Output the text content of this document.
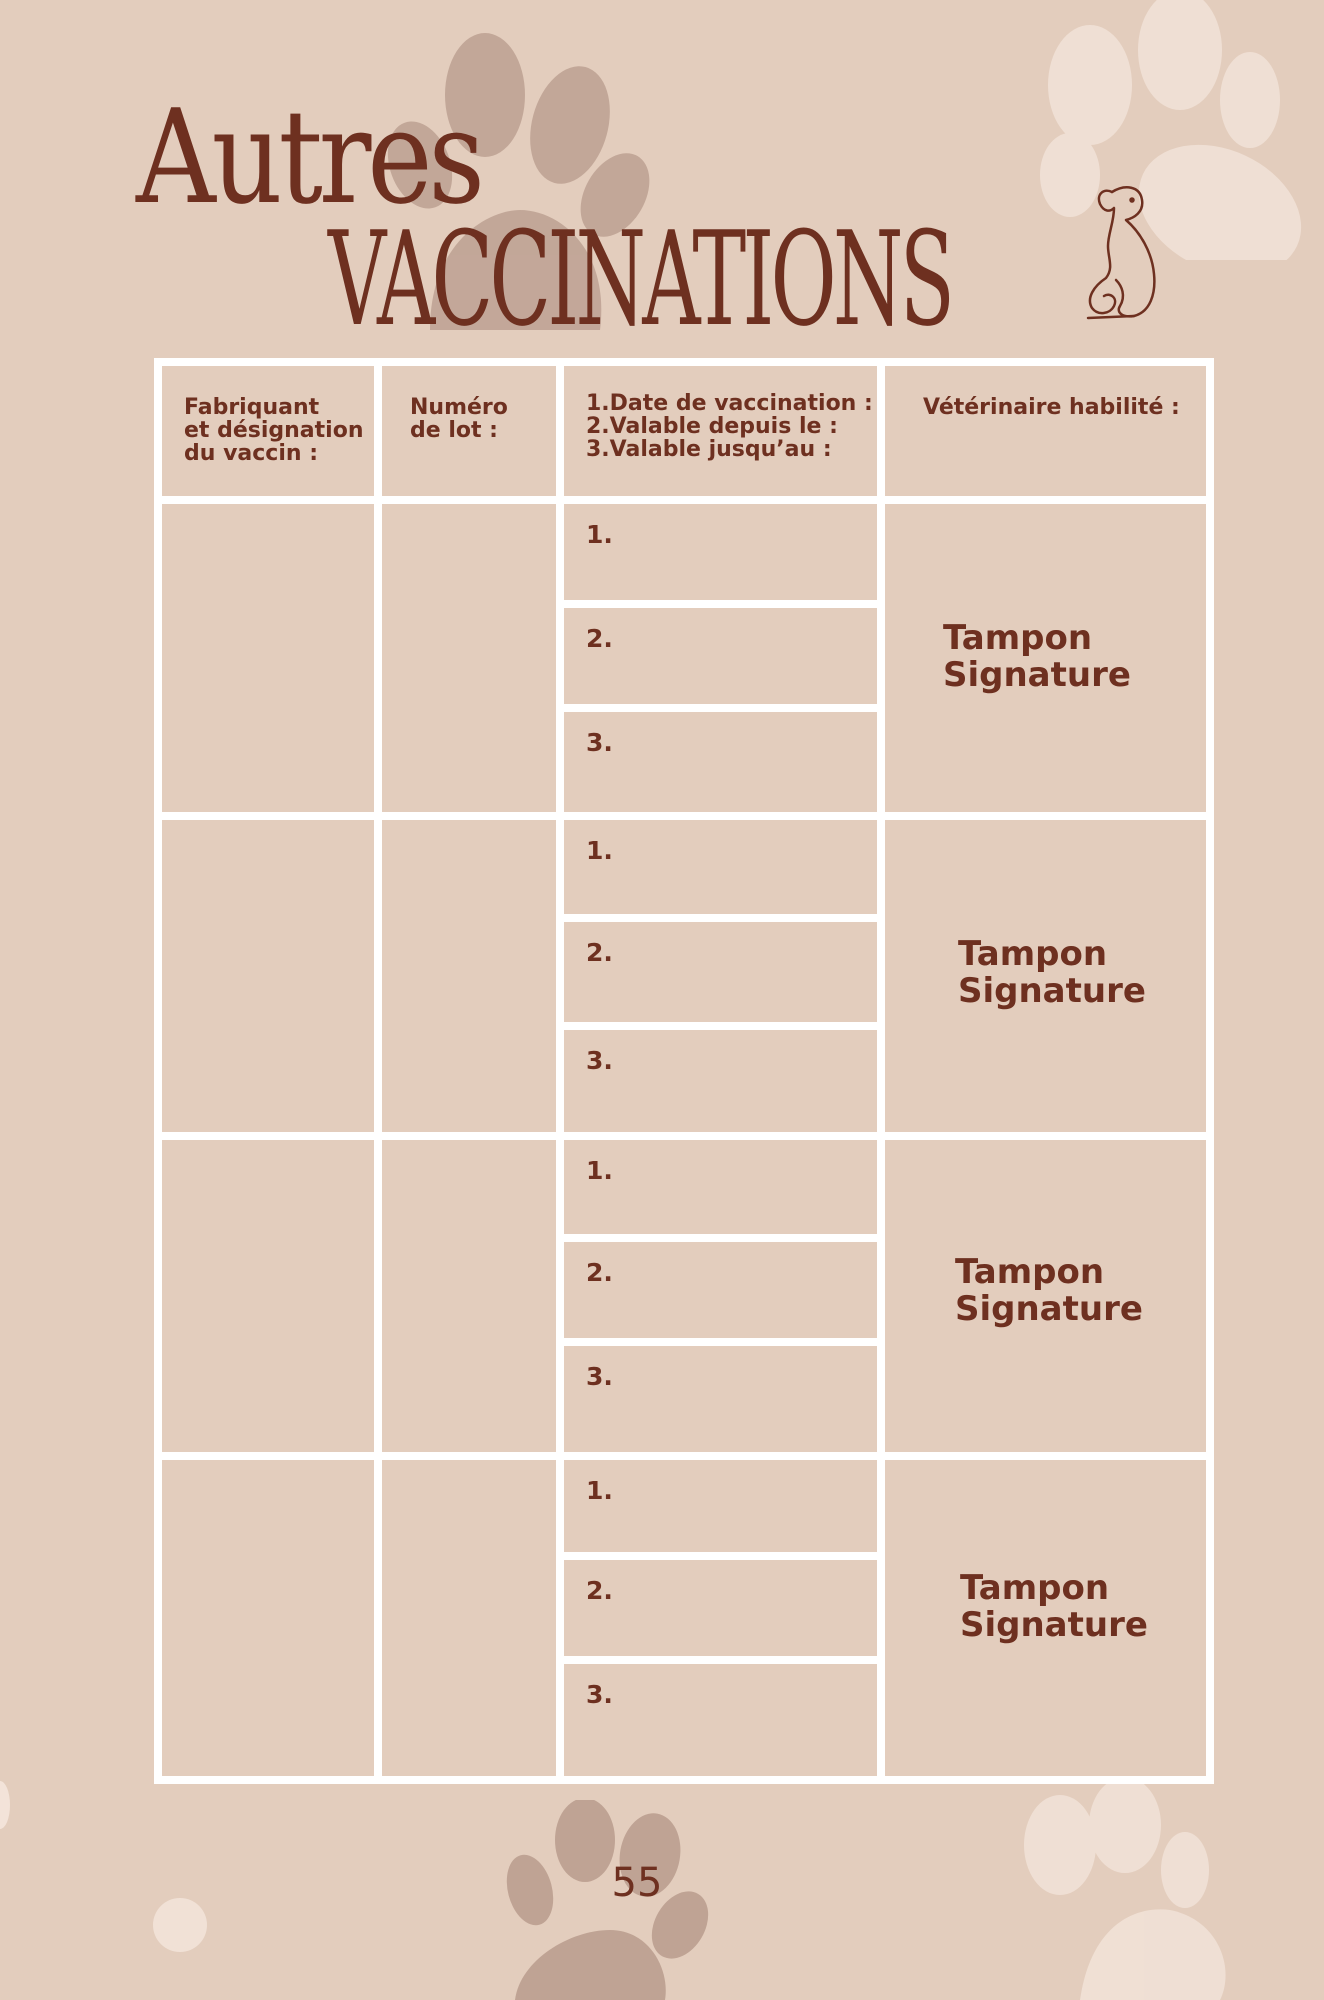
Autres
VACCINATIONS
Fabriquant
et désignation
du vaccin :
Numéro
de lot :
1.Date de vaccination :
2.Valable depuis le :
3.Valable jusqu’au :
Vétérinaire habilité :
1.
2.
3.
Tampon
Signature
1.
2.
3.
Tampon
Signature
1.
2.
3.
Tampon
Signature
1.
2.
3.
Tampon
Signature
55
